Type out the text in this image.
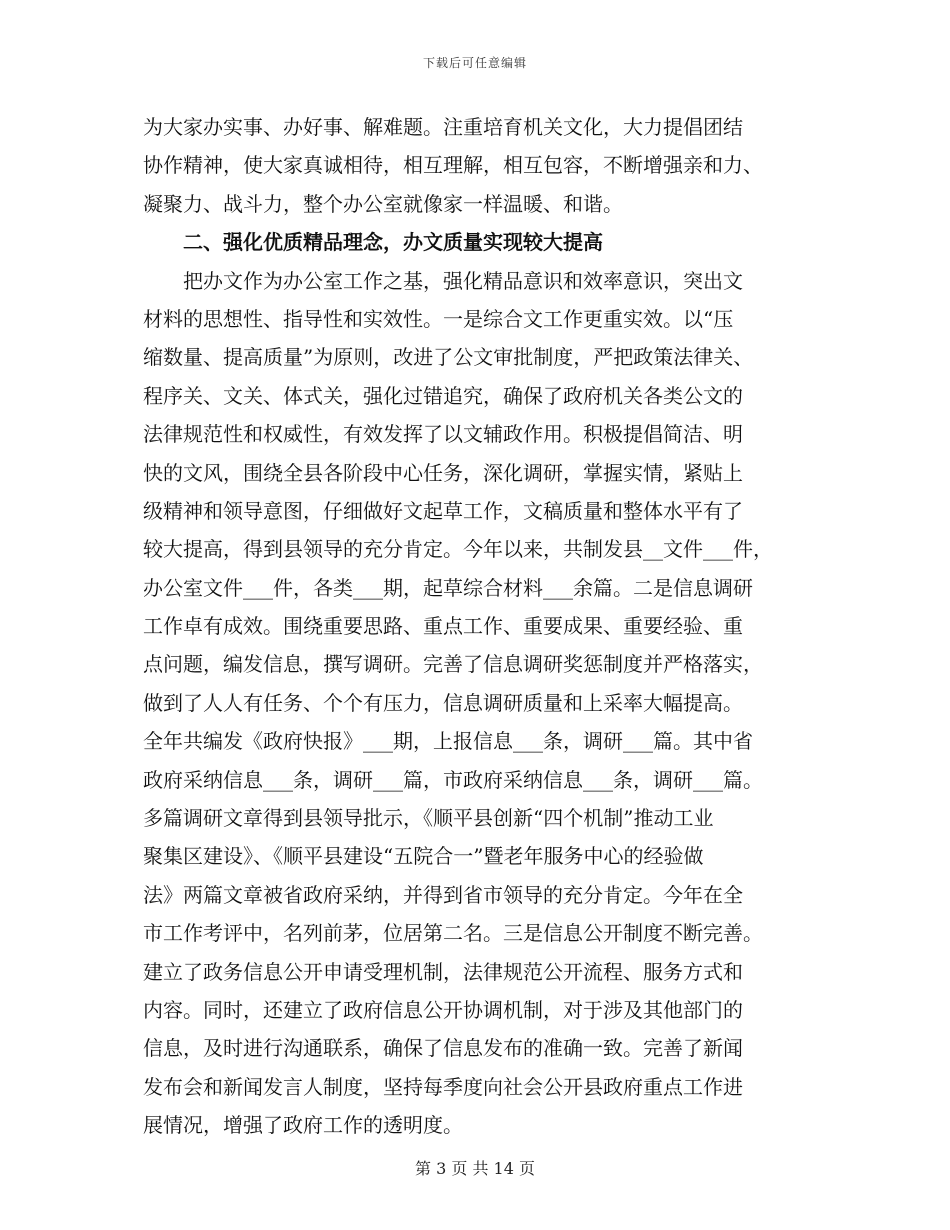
下载后可任意编辑
为大家办实事、办好事、解难题。注重培育机关文化，大力提倡团结
协作精神，使大家真诚相待，相互理解，相互包容，不断增强亲和力、
凝聚力、战斗力，整个办公室就像家一样温暖、和谐。
二、强化优质精品理念，办文质量实现较大提高
把办文作为办公室工作之基，强化精品意识和效率意识，突出文
材料的思想性、指导性和实效性。一是综合文工作更重实效。以“压
缩数量、提高质量”为原则，改进了公文审批制度，严把政策法律关、
程序关、文关、体式关，强化过错追究，确保了政府机关各类公文的
法律规范性和权威性，有效发挥了以文辅政作用。积极提倡简洁、明
快的文风，围绕全县各阶段中心任务，深化调研，掌握实情，紧贴上
级精神和领导意图，仔细做好文起草工作，文稿质量和整体水平有了
较大提高，得到县领导的充分肯定。今年以来，共制发县__文件___件，
办公室文件___件，各类___期，起草综合材料___余篇。二是信息调研
工作卓有成效。围绕重要思路、重点工作、重要成果、重要经验、重
点问题，编发信息，撰写调研。完善了信息调研奖惩制度并严格落实，
做到了人人有任务、个个有压力，信息调研质量和上采率大幅提高。
全年共编发《政府快报》___期，上报信息___条，调研___篇。其中省
政府采纳信息___条，调研___篇，市政府采纳信息___条，调研___篇。
多篇调研文章得到县领导批示，《顺平县创新“四个机制”推动工业
聚集区建设》、《顺平县建设“五院合一”暨老年服务中心的经验做
法》两篇文章被省政府采纳，并得到省市领导的充分肯定。今年在全
市工作考评中，名列前茅，位居第二名。三是信息公开制度不断完善。
建立了政务信息公开申请受理机制，法律规范公开流程、服务方式和
内容。同时，还建立了政府信息公开协调机制，对于涉及其他部门的
信息，及时进行沟通联系，确保了信息发布的准确一致。完善了新闻
发布会和新闻发言人制度，坚持每季度向社会公开县政府重点工作进
展情况，增强了政府工作的透明度。
第 3 页 共 14 页
